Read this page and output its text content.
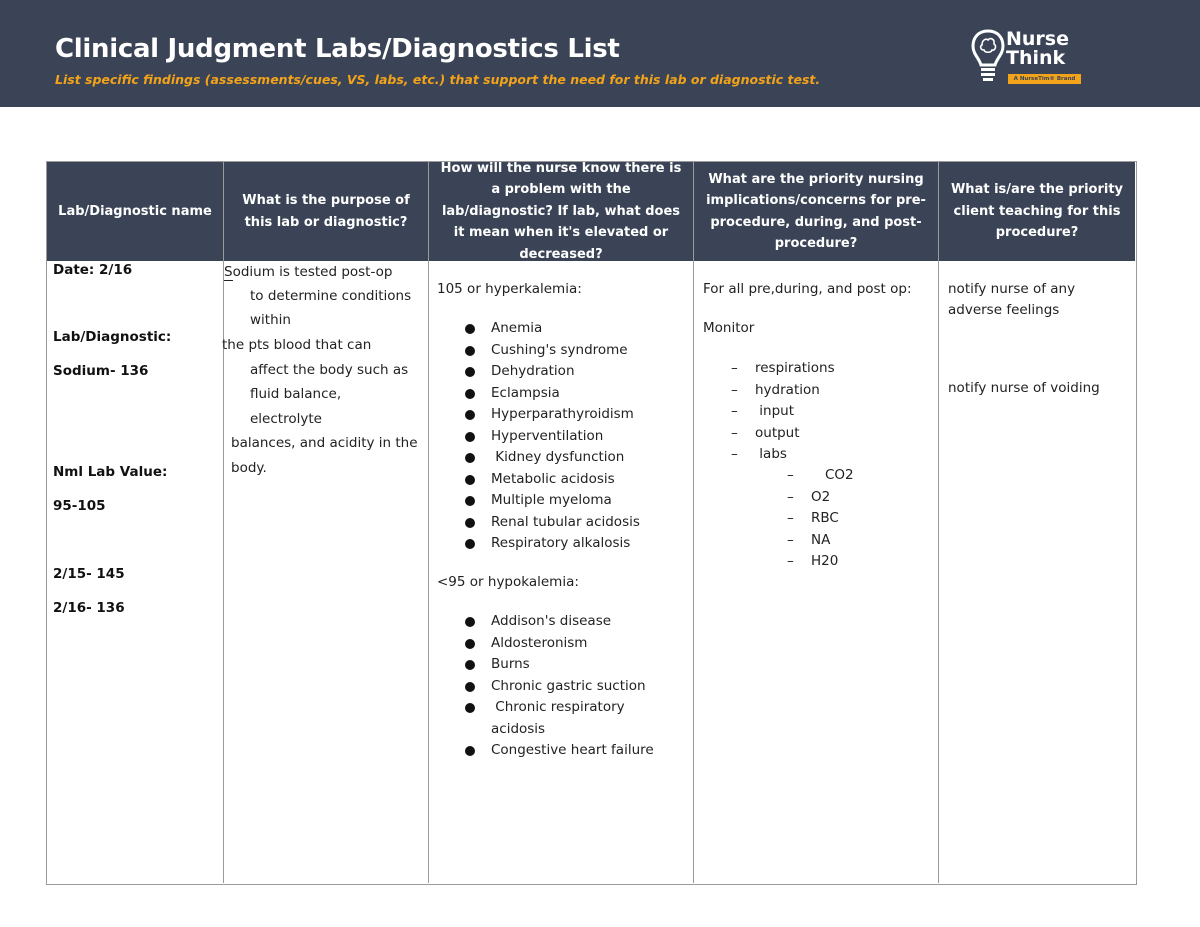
Clinical Judgment Labs/Diagnostics List
List specific findings (assessments/cues, VS, labs, etc.) that support the need for this lab or diagnostic test.
Nurse
Think
A NurseTim® Brand
Lab/Diagnostic name
What is the purpose of this lab or diagnostic?
How will the nurse know there is a problem with the lab/diagnostic? If lab, what does it mean when it's elevated or decreased?
What are the priority nursing implications/concerns for pre-procedure, during, and post-procedure?
What is/are the priority client teaching for this procedure?
Date: 2/16
Lab/Diagnostic:
Sodium- 136
Nml Lab Value:
95-105
2/15- 145
2/16- 136
Sodium is tested post-op
to determine conditions
within
the pts blood that can
affect the body such as
fluid balance,
electrolyte
balances, and acidity in the
body.
105 or hyperkalemia:
Anemia
Cushing's syndrome
Dehydration
Eclampsia
Hyperparathyroidism
Hyperventilation
Kidney dysfunction
Metabolic acidosis
Multiple myeloma
Renal tubular acidosis
Respiratory alkalosis
<95 or hypokalemia:
Addison's disease
Aldosteronism
Burns
Chronic gastric suction
Chronic respiratory
acidosis
Congestive heart failure
For all pre,during, and post op:
Monitor
– respirations
– hydration
– input
– output
– labs
– CO2
– O2
– RBC
– NA
– H20
notify nurse of any
adverse feelings
notify nurse of voiding
